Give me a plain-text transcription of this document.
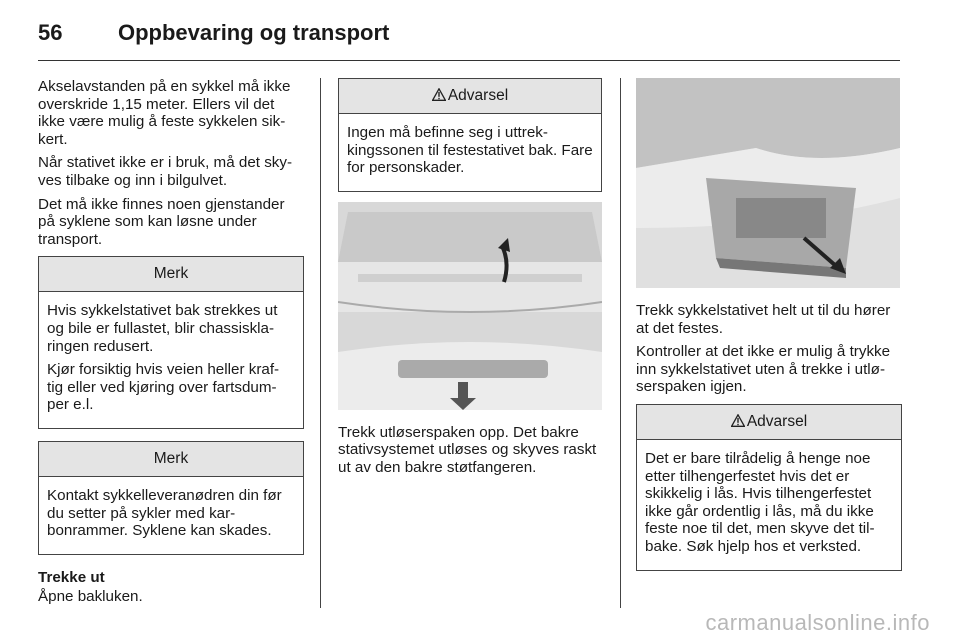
56	Oppbevaring og transport

Akselavstanden på en sykkel må ikke overskride 1,15 meter. Ellers vil det ikke være mulig å feste sykkelen sik-kert.

Når stativet ikke er i bruk, må det sky-ves tilbake og inn i bilgulvet.

Det må ikke finnes noen gjenstander på syklene som kan løsne under transport.

Merk

Hvis sykkelstativet bak strekkes ut og bile er fullastet, blir chassiskla-ringen redusert.

Kjør forsiktig hvis veien heller kraf-tig eller ved kjøring over fartsdum-per e.l.

Merk

Kontakt sykkelleveranødren din før du setter på sykler med kar-bonrammer. Syklene kan skades.

Trekke ut

Åpne bakluken.

Advarsel

Ingen må befinne seg i uttrek-kingssonen til festestativet bak. Fare for personskader.

Trekk utløserspaken opp. Det bakre stativsystemet utløses og skyves raskt ut av den bakre støtfangeren.

Trekk sykkelstativet helt ut til du hører at det festes.

Kontroller at det ikke er mulig å trykke inn sykkelstativet uten å trekke i utlø-serspaken igjen.

Advarsel

Det er bare tilrådelig å henge noe etter tilhengerfestet hvis det er skikkelig i lås. Hvis tilhengerfestet ikke går ordentlig i lås, må du ikke feste noe til det, men skyve det til-bake. Søk hjelp hos et verksted.

carmanualsonline.info
